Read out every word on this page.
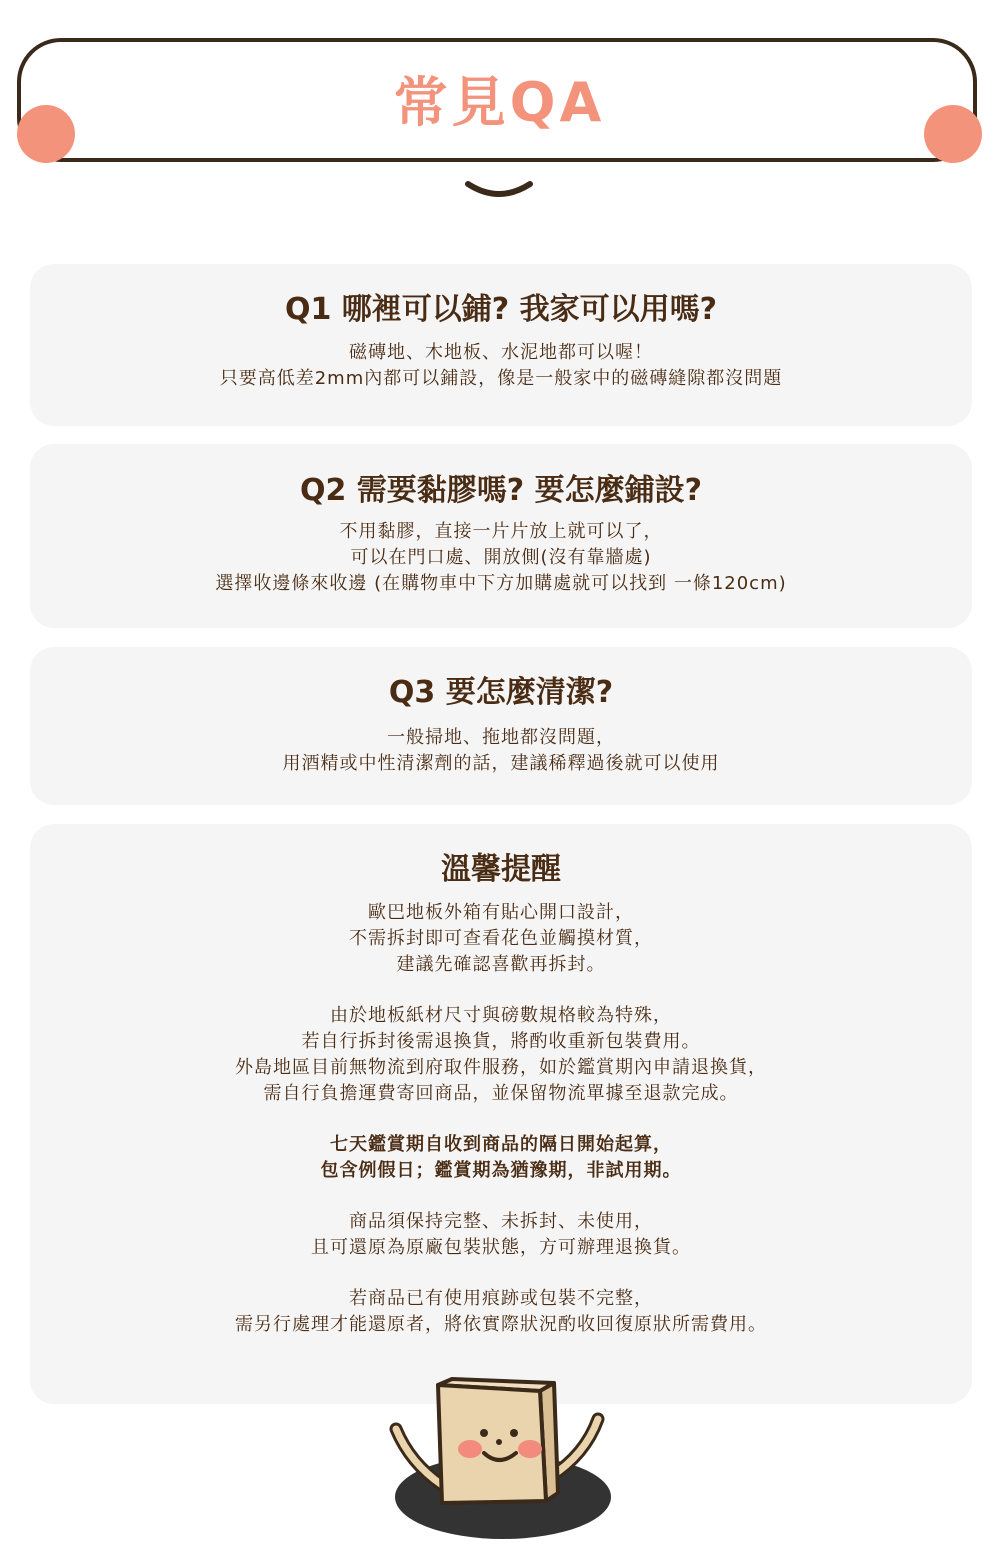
常見QA
Q1 哪裡可以鋪? 我家可以用嗎?
磁磚地、木地板、水泥地都可以喔！
只要高低差2mm內都可以鋪設，像是一般家中的磁磚縫隙都沒問題
Q2 需要黏膠嗎? 要怎麼鋪設?
不用黏膠，直接一片片放上就可以了，
可以在門口處、開放側(沒有靠牆處)
選擇收邊條來收邊 (在購物車中下方加購處就可以找到 一條120cm)
Q3 要怎麼清潔?
一般掃地、拖地都沒問題，
用酒精或中性清潔劑的話，建議稀釋過後就可以使用
溫馨提醒
歐巴地板外箱有貼心開口設計，
不需拆封即可查看花色並觸摸材質，
建議先確認喜歡再拆封。
由於地板紙材尺寸與磅數規格較為特殊，
若自行拆封後需退換貨，將酌收重新包裝費用。
外島地區目前無物流到府取件服務，如於鑑賞期內申請退換貨，
需自行負擔運費寄回商品，並保留物流單據至退款完成。
七天鑑賞期自收到商品的隔日開始起算，
包含例假日；鑑賞期為猶豫期，非試用期。
商品須保持完整、未拆封、未使用，
且可還原為原廠包裝狀態，方可辦理退換貨。
若商品已有使用痕跡或包裝不完整，
需另行處理才能還原者，將依實際狀況酌收回復原狀所需費用。
